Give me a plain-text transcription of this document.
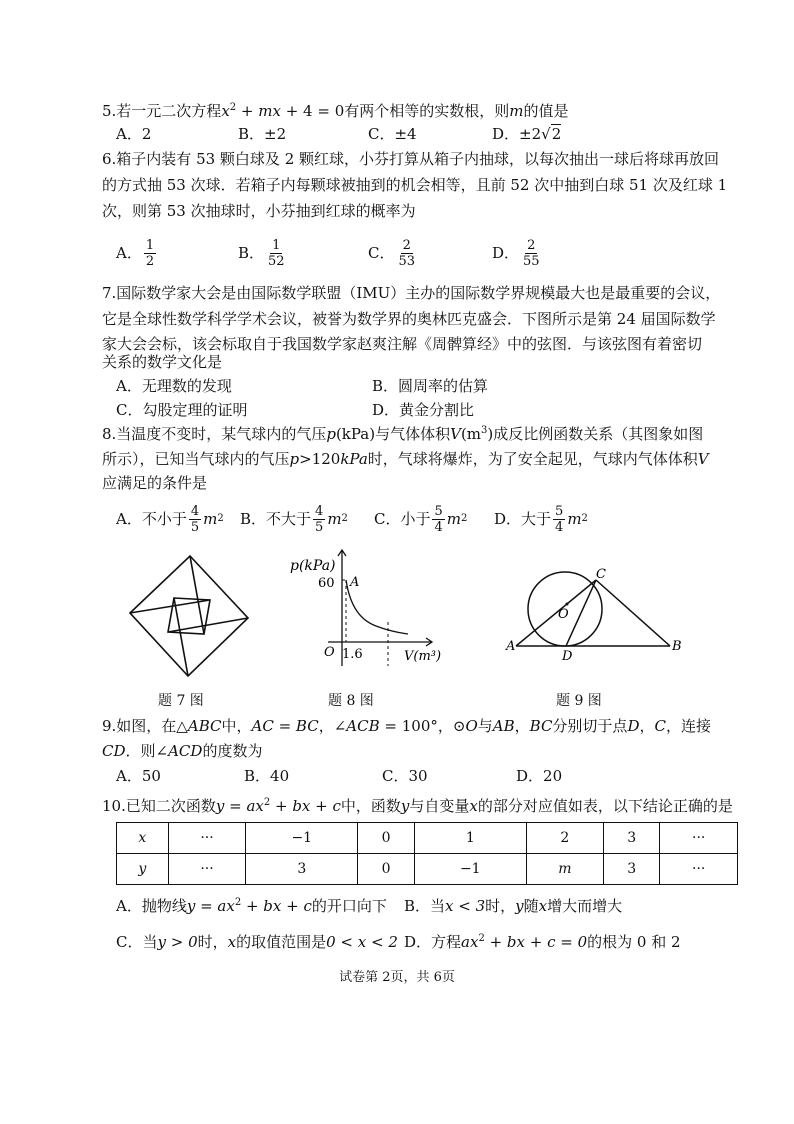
5.若一元二次方程$x^2$ + mx + 4 = 0有两个相等的实数根，则m的值是
A．2	B．±2	C．±4	D．±2√2
6.箱子内装有 53 颗白球及 2 颗红球，小芬打算从箱子内抽球，以每次抽出一球后将球再放回
的方式抽 53 次球．若箱子内每颗球被抽到的机会相等，且前 52 次中抽到白球 51 次及红球 1
次，则第 53 次抽球时，小芬抽到红球的概率为
A． $\frac{1}{2}$	B． $\frac{1}{52}$	C． $\frac{2}{53}$	D． $\frac{2}{55}$
7.国际数学家大会是由国际数学联盟（IMU）主办的国际数学界规模最大也是最重要的会议，
它是全球性数学科学学术会议，被誉为数学界的奥林匹克盛会．下图所示是第 24 届国际数学
家大会会标，该会标取自于我国数学家赵爽注解《周髀算经》中的弦图．与该弦图有着密切
关系的数学文化是
A．无理数的发现	B．圆周率的估算
C．勾股定理的证明	D．黄金分割比
8.当温度不变时，某气球内的气压p(kPa)与气体体积$V(m^3)$成反比例函数关系（其图象如图
所示），已知当气球内的气压p>120kPa时，气球将爆炸，为了安全起见，气球内气体体积V
应满足的条件是
A．不小于 $\frac{4}{5}$ m 2 B．不大于 $\frac{4}{5}$ m 2 C．小于 $\frac{5}{4}$ m 2 D．大于 $\frac{5}{4}$ m 2
p(kPa)
60 A
O 1.6	V(m³)
A	B
C
D
O
题 7 图	题 8 图	题 9 图
9.如图，在△ABC中，AC = BC，∠ACB = 100°，⊙O与AB，BC分别切于点D，C，连接
CD．则∠ACD的度数为
A．50	B．40	C．30	D．20
10.已知二次函数$y = ax^2$ + bx + c中，函数y与自变量x的部分对应值如表，以下结论正确的是
x	···	−1	0	1	2	3	···
y	···	3	0	−1	m	3	···
A．抛物线$y = ax^2$ + bx + c的开口向下 B．当x < 3时，y随x增大而增大
C．当y > 0时，x的取值范围是0 < x < 2 D．方程$ax^2$ + bx + c = 0的根为 0 和 2
试卷第 2页，共 6页
